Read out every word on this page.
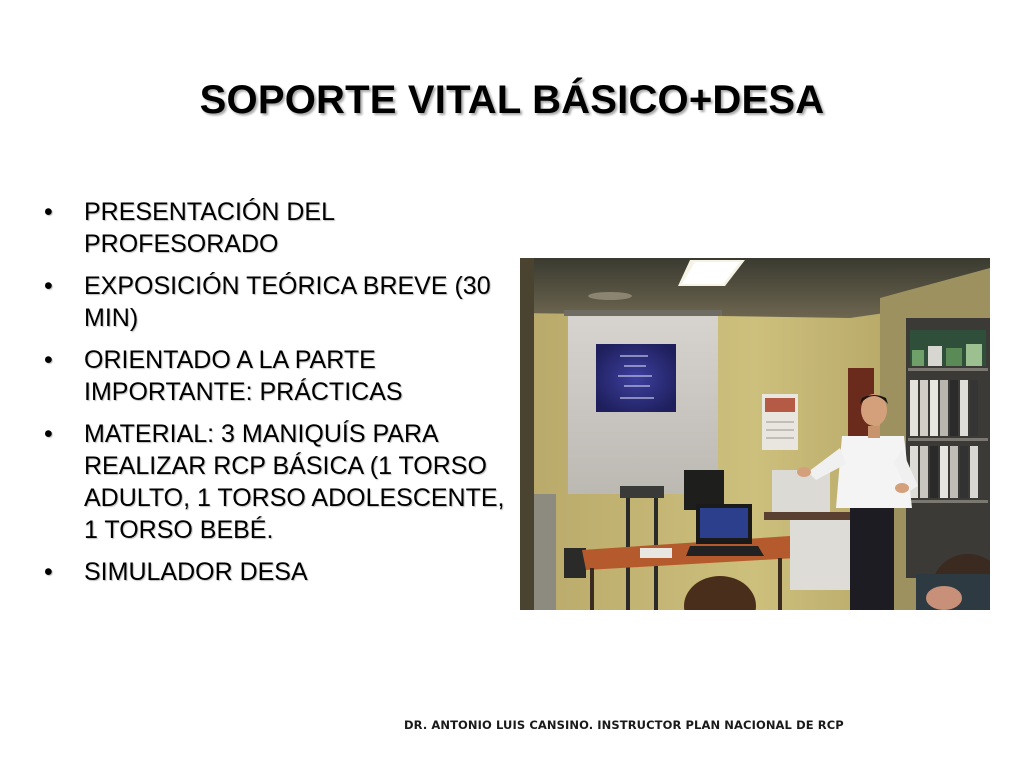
SOPORTE VITAL BÁSICO+DESA
• PRESENTACIÓN DEL PROFESORADO
• EXPOSICIÓN TEÓRICA BREVE (30 MIN)
• ORIENTADO A LA PARTE IMPORTANTE: PRÁCTICAS
• MATERIAL: 3 MANIQUÍS PARA REALIZAR RCP BÁSICA (1 TORSO ADULTO, 1 TORSO ADOLESCENTE, 1 TORSO BEBÉ.
• SIMULADOR DESA
DR. ANTONIO LUIS CANSINO. INSTRUCTOR PLAN NACIONAL DE RCP
